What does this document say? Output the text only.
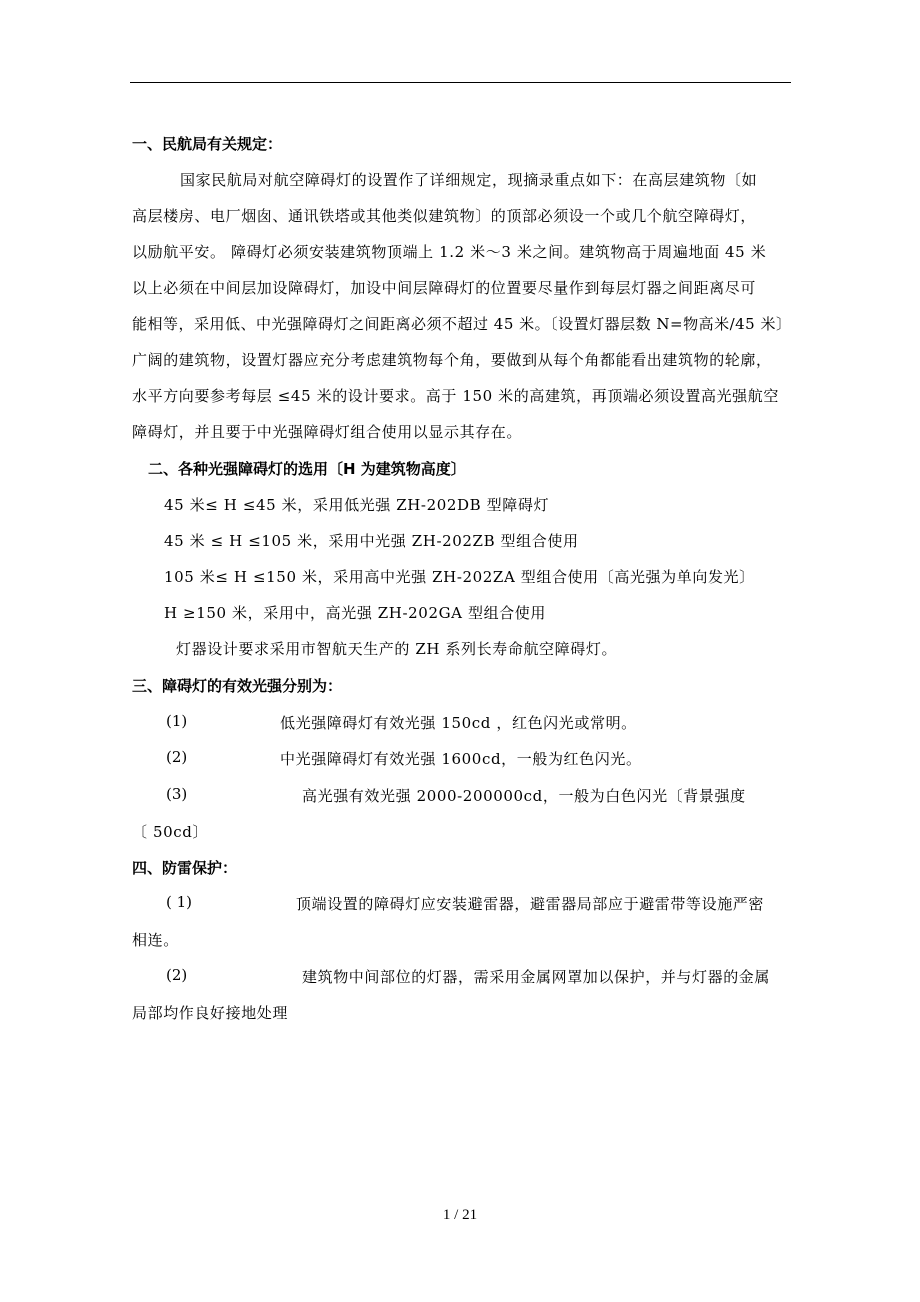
一、民航局有关规定：
国家民航局对航空障碍灯的设置作了详细规定，现摘录重点如下：在高层建筑物〔如
高层楼房、电厂烟囱、通讯铁塔或其他类似建筑物〕的顶部必须设一个或几个航空障碍灯，
以励航平安。 障碍灯必须安装建筑物顶端上 1.2 米～3 米之间。建筑物高于周遍地面 45 米
以上必须在中间层加设障碍灯，加设中间层障碍灯的位置要尽量作到每层灯器之间距离尽可
能相等，采用低、中光强障碍灯之间距离必须不超过 45 米。〔设置灯器层数 N=物高米/45 米〕
广阔的建筑物，设置灯器应充分考虑建筑物每个角，要做到从每个角都能看出建筑物的轮廓，
水平方向要参考每层 ≤45 米的设计要求。高于 150 米的高建筑，再顶端必须设置高光强航空
障碍灯，并且要于中光强障碍灯组合使用以显示其存在。
二、各种光强障碍灯的选用〔H 为建筑物高度〕
45 米≤ H ≤45 米，采用低光强 ZH-202DB 型障碍灯
45 米 ≤ H ≤105 米，采用中光强 ZH-202ZB 型组合使用
105 米≤ H ≤150 米，采用高中光强 ZH-202ZA 型组合使用〔高光强为单向发光〕
H ≥150 米，采用中，高光强 ZH-202GA 型组合使用
灯器设计要求采用市智航天生产的 ZH 系列长寿命航空障碍灯。
三、障碍灯的有效光强分别为：
(1)	低光强障碍灯有效光强 150cd ，红色闪光或常明。
(2)	中光强障碍灯有效光强 1600cd，一般为红色闪光。
(3)	高光强有效光强 2000-200000cd，一般为白色闪光〔背景强度
〔 50cd〕
四、防雷保护：
( 1)	顶端设置的障碍灯应安装避雷器，避雷器局部应于避雷带等设施严密
相连。
(2)	建筑物中间部位的灯器，需采用金属网罩加以保护，并与灯器的金属
局部均作良好接地处理
1 / 21
